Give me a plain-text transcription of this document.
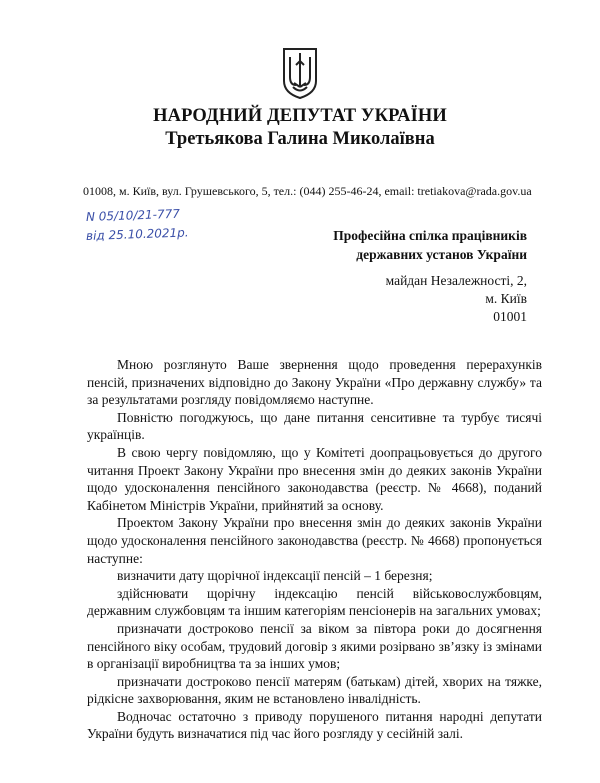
НАРОДНИЙ ДЕПУТАТ УКРАЇНИ
Третьякова Галина Миколаївна
01008, м. Київ, вул. Грушевського, 5, тел.: (044) 255-46-24, email: tretiakova@rada.gov.ua
N 05/10/21-777
від 25.10.2021р.	Професійна спілка працівників
державних установ України
майдан Незалежності, 2,
м. Київ
01001

Мною розглянуто Ваше звернення щодо проведення перерахунків пенсій, призначених відповідно до Закону України «Про державну службу» та за результатами розгляду повідомляємо наступне.

Повністю погоджуюсь, що дане питання сенситивне та турбує тисячі українців.

В свою чергу повідомляю, що у Комітеті доопрацьовується до другого читання Проект Закону України про внесення змін до деяких законів України щодо удосконалення пенсійного законодавства (реєстр. № 4668), поданий Кабінетом Міністрів України, прийнятий за основу.

Проектом Закону України про внесення змін до деяких законів України щодо удосконалення пенсійного законодавства (реєстр. № 4668) пропонується наступне:

визначити дату щорічної індексації пенсій – 1 березня;

здійснювати щорічну індексацію пенсій військовослужбовцям, державним службовцям та іншим категоріям пенсіонерів на загальних умовах;

призначати достроково пенсії за віком за півтора роки до досягнення пенсійного віку особам, трудовий договір з якими розірвано зв’язку із змінами в організації виробництва та за інших умов;

призначати достроково пенсії матерям (батькам) дітей, хворих на тяжке, рідкісне захворювання, яким не встановлено інвалідність.

Водночас остаточно з приводу порушеного питання народні депутати України будуть визначатися під час його розгляду у сесійній залі.
